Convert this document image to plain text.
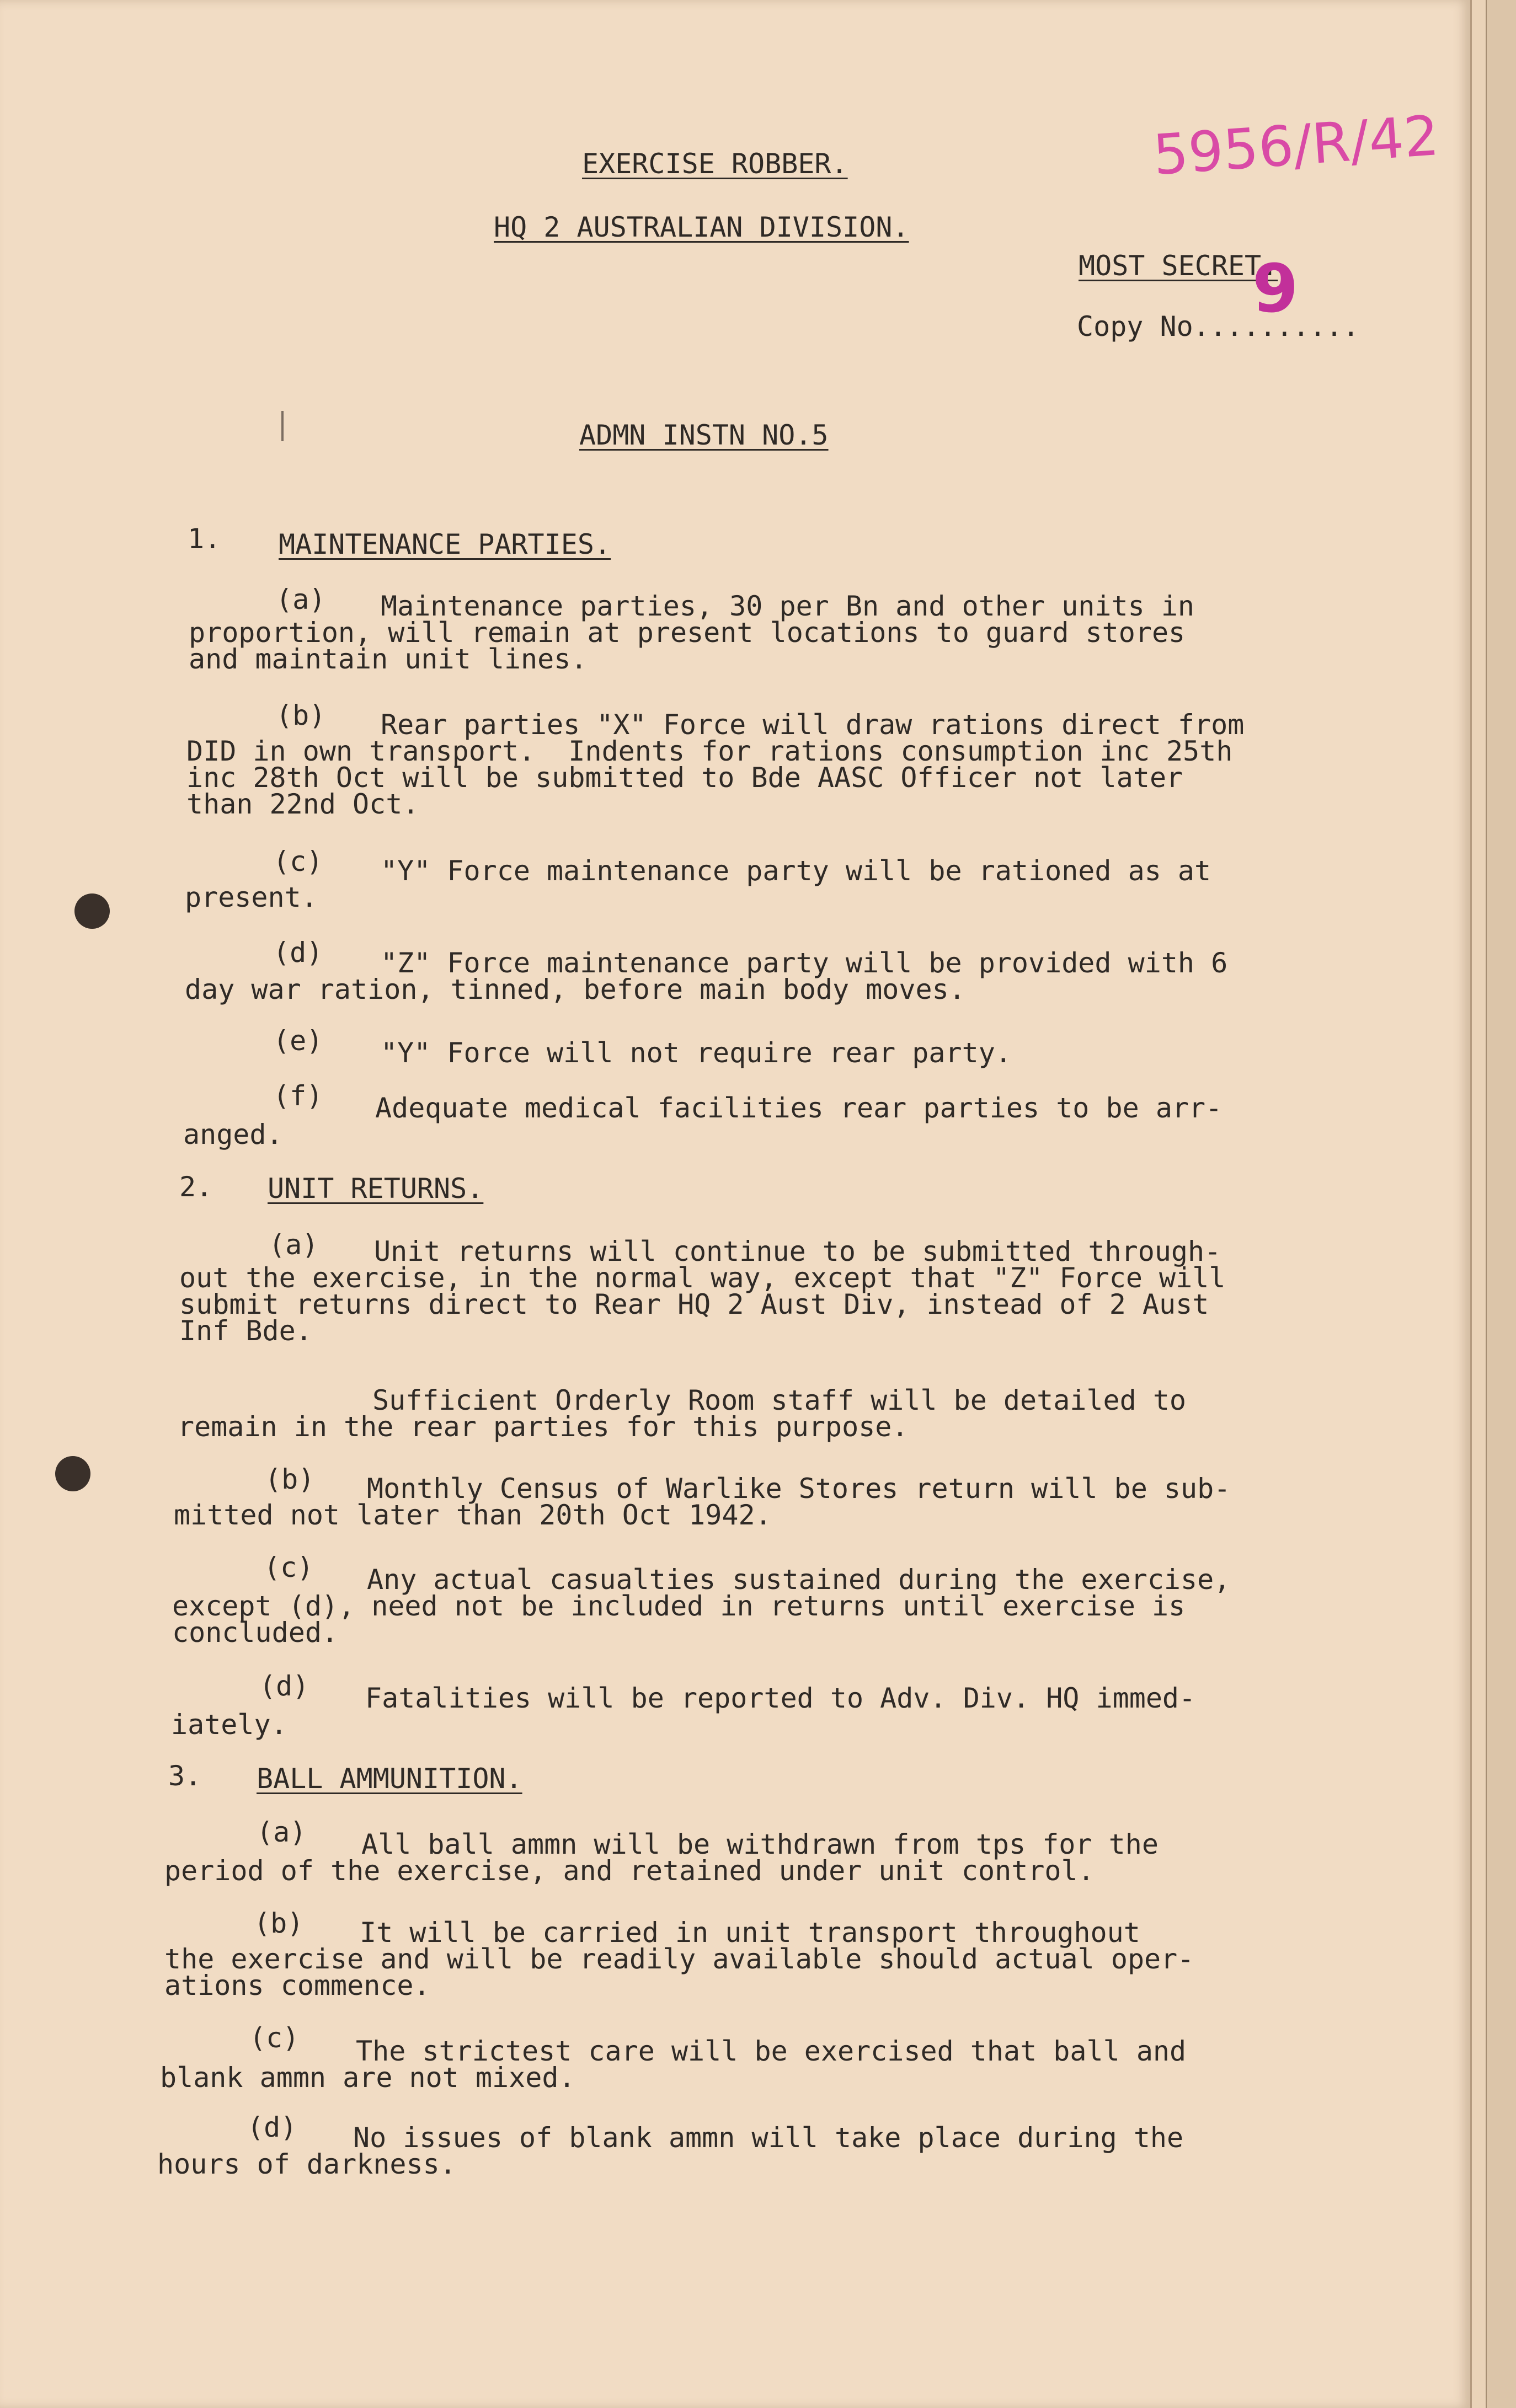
EXERCISE ROBBER.
HQ 2 AUSTRALIAN DIVISION.
MOST SECRET.
Copy No..........
9
5956/R/42
ADMN INSTN NO.5
1. MAINTENANCE PARTIES.
(a) Maintenance parties, 30 per Bn and other units in
proportion, will remain at present locations to guard stores
and maintain unit lines.
(b) Rear parties "X" Force will draw rations direct from
DID in own transport.  Indents for rations consumption inc 25th
inc 28th Oct will be submitted to Bde AASC Officer not later
than 22nd Oct.
(c) "Y" Force maintenance party will be rationed as at
present.
(d) "Z" Force maintenance party will be provided with 6
day war ration, tinned, before main body moves.
(e) "Y" Force will not require rear party.
(f) Adequate medical facilities rear parties to be arr-
anged.
2. UNIT RETURNS.
(a) Unit returns will continue to be submitted through-
out the exercise, in the normal way, except that "Z" Force will
submit returns direct to Rear HQ 2 Aust Div, instead of 2 Aust
Inf Bde.
Sufficient Orderly Room staff will be detailed to
remain in the rear parties for this purpose.
(b) Monthly Census of Warlike Stores return will be sub-
mitted not later than 20th Oct 1942.
(c) Any actual casualties sustained during the exercise,
except (d), need not be included in returns until exercise is
concluded.
(d) Fatalities will be reported to Adv. Div. HQ immed-
iately.
3. BALL AMMUNITION.
(a) All ball ammn will be withdrawn from tps for the
period of the exercise, and retained under unit control.
(b) It will be carried in unit transport throughout
the exercise and will be readily available should actual oper-
ations commence.
(c) The strictest care will be exercised that ball and
blank ammn are not mixed.
(d) No issues of blank ammn will take place during the
hours of darkness.
